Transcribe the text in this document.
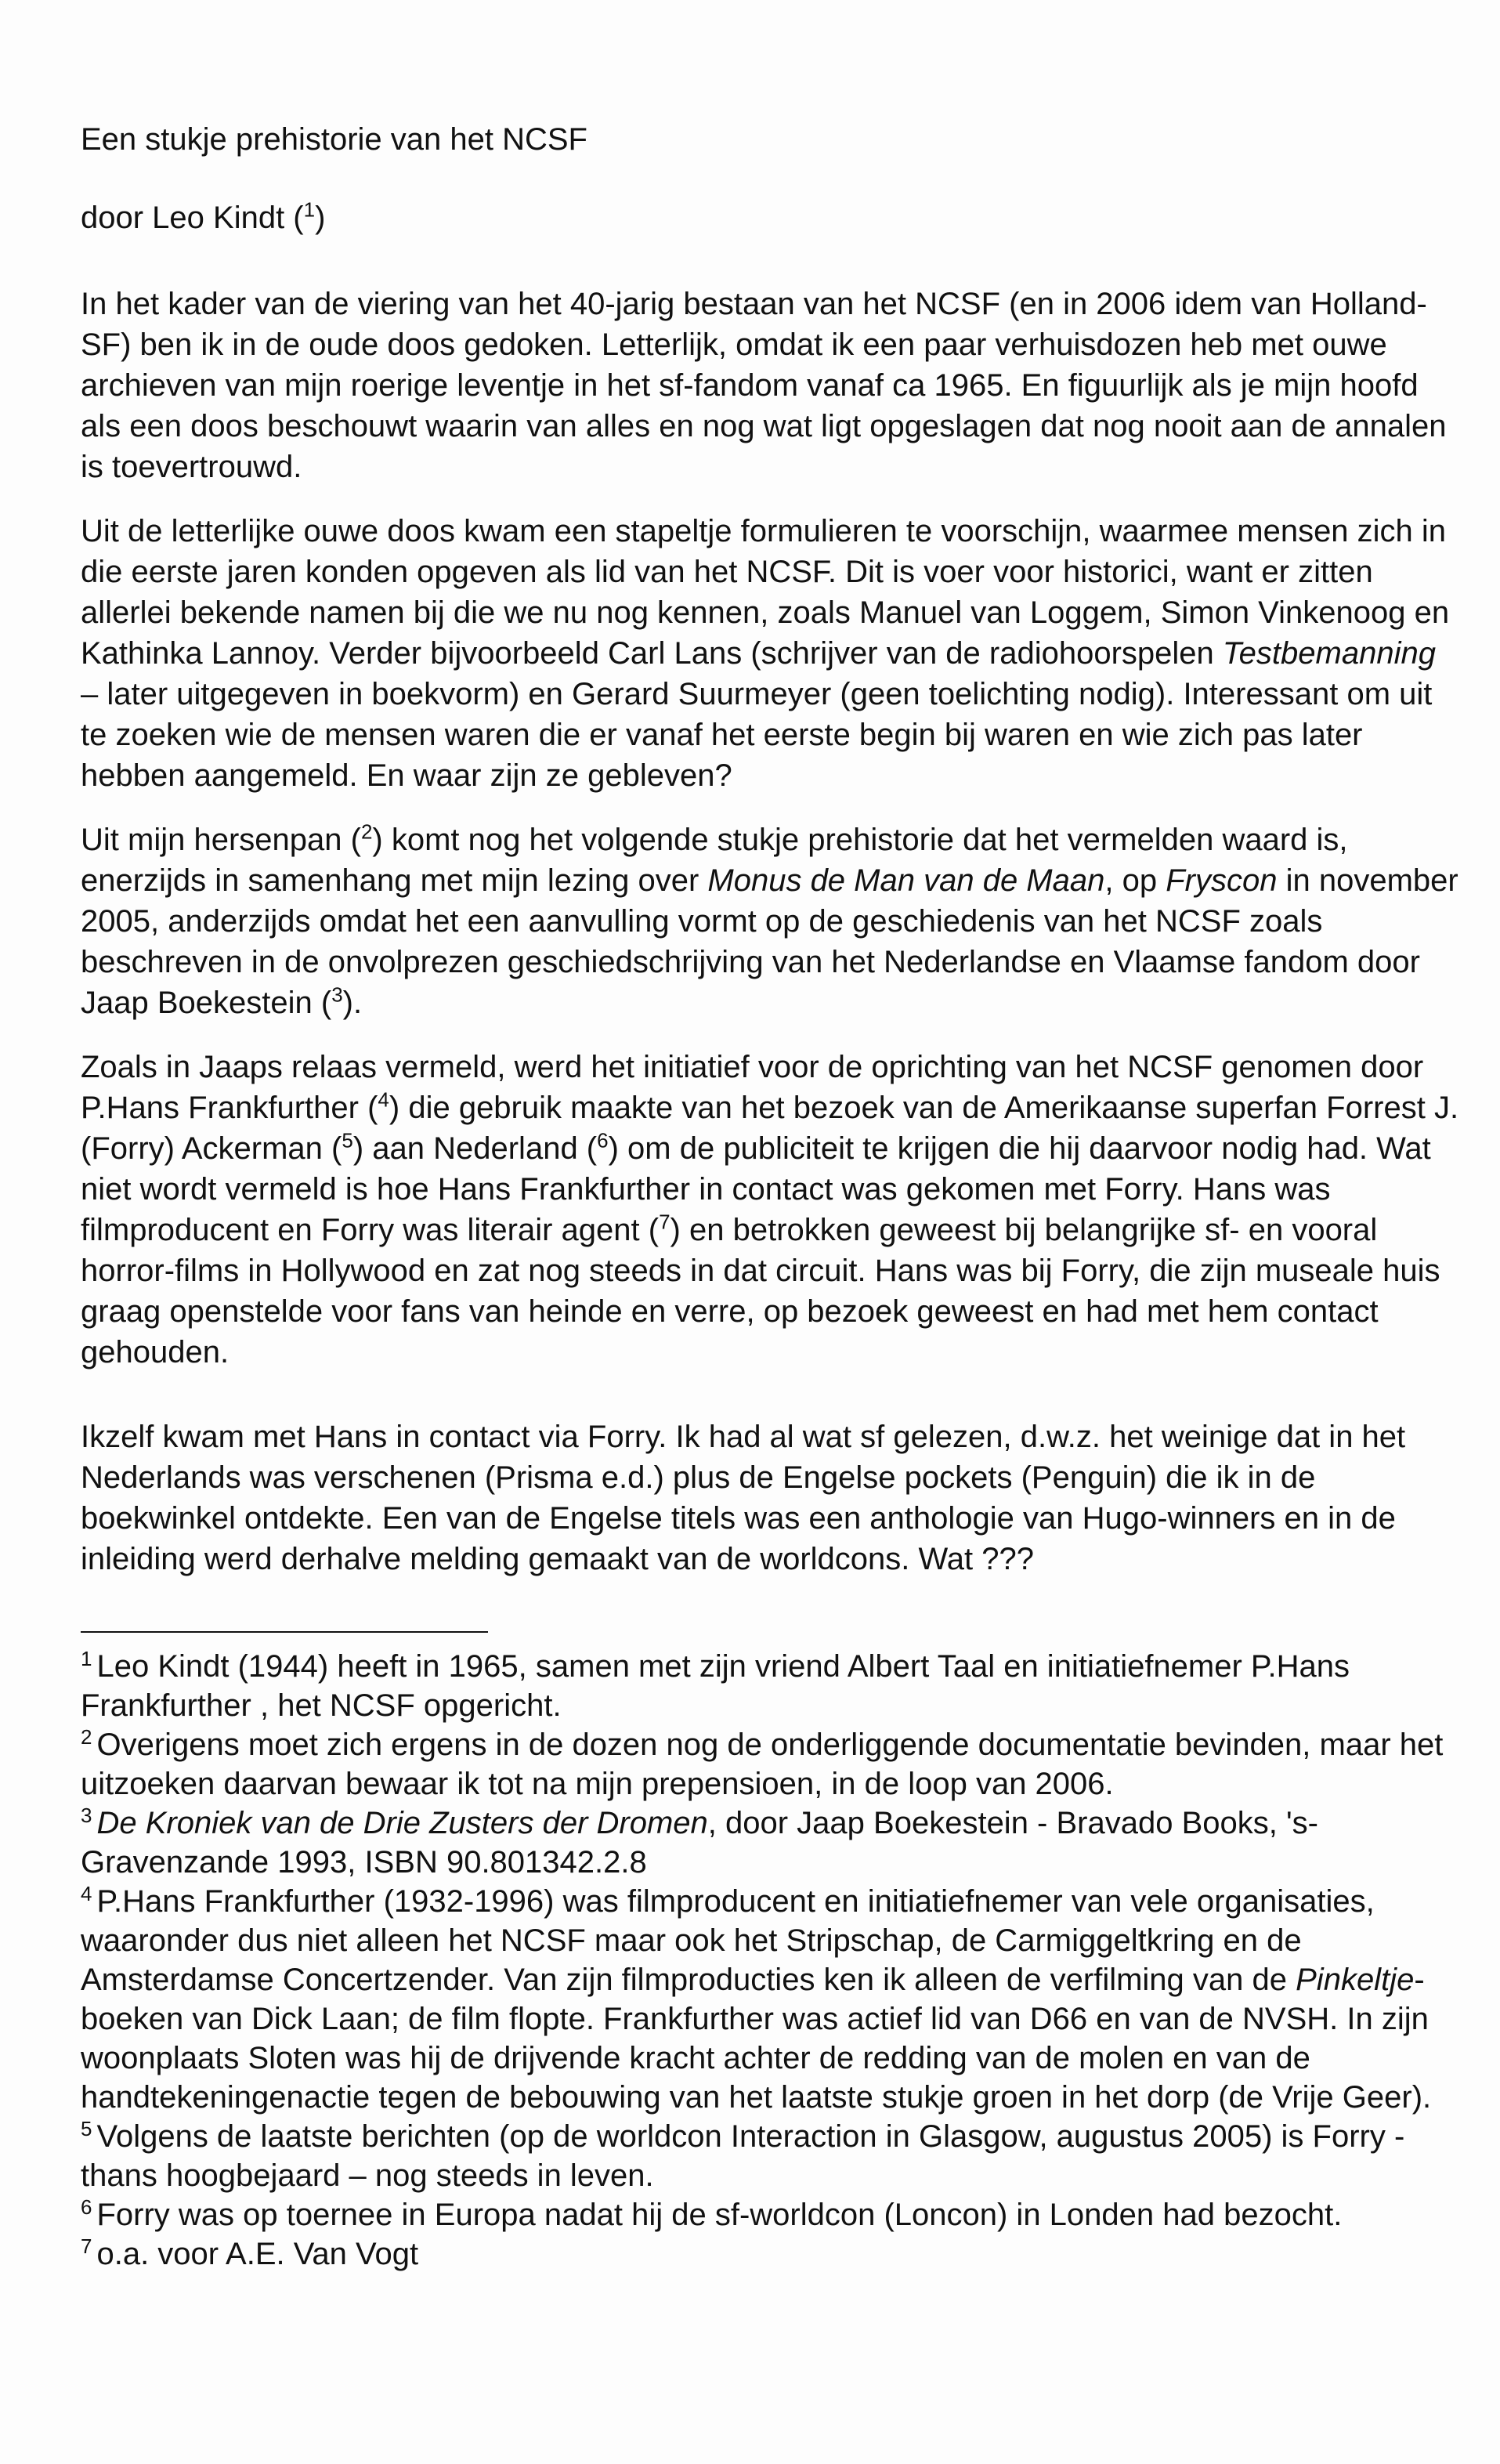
Een stukje prehistorie van het NCSF

door Leo Kindt ($^1$)

In het kader van de viering van het 40-jarig bestaan van het NCSF (en in 2006 idem van Holland-SF) ben ik in de oude doos gedoken. Letterlijk, omdat ik een paar verhuisdozen heb met ouwe archieven van mijn roerige leventje in het sf-fandom vanaf ca 1965. En figuurlijk als je mijn hoofd als een doos beschouwt waarin van alles en nog wat ligt opgeslagen dat nog nooit aan de annalen is toevertrouwd.

Uit de letterlijke ouwe doos kwam een stapeltje formulieren te voorschijn, waarmee mensen zich in die eerste jaren konden opgeven als lid van het NCSF. Dit is voer voor historici, want er zitten allerlei bekende namen bij die we nu nog kennen, zoals Manuel van Loggem, Simon Vinkenoog en Kathinka Lannoy. Verder bijvoorbeeld Carl Lans (schrijver van de radiohoorspelen Testbemanning – later uitgegeven in boekvorm) en Gerard Suurmeyer (geen toelichting nodig). Interessant om uit te zoeken wie de mensen waren die er vanaf het eerste begin bij waren en wie zich pas later hebben aangemeld. En waar zijn ze gebleven?

Uit mijn hersenpan ($^2$) komt nog het volgende stukje prehistorie dat het vermelden waard is, enerzijds in samenhang met mijn lezing over Monus de Man van de Maan, op Fryscon in november 2005, anderzijds omdat het een aanvulling vormt op de geschiedenis van het NCSF zoals beschreven in de onvolprezen geschiedschrijving van het Nederlandse en Vlaamse fandom door Jaap Boekestein ($^3$).

Zoals in Jaaps relaas vermeld, werd het initiatief voor de oprichting van het NCSF genomen door P.Hans Frankfurther ($^4$) die gebruik maakte van het bezoek van de Amerikaanse superfan Forrest J. (Forry) Ackerman ($^5$) aan Nederland ($^6$) om de publiciteit te krijgen die hij daarvoor nodig had. Wat niet wordt vermeld is hoe Hans Frankfurther in contact was gekomen met Forry. Hans was filmproducent en Forry was literair agent ($^7$) en betrokken geweest bij belangrijke sf- en vooral horror-films in Hollywood en zat nog steeds in dat circuit. Hans was bij Forry, die zijn museale huis graag openstelde voor fans van heinde en verre, op bezoek geweest en had met hem contact gehouden.

Ikzelf kwam met Hans in contact via Forry. Ik had al wat sf gelezen, d.w.z. het weinige dat in het Nederlands was verschenen (Prisma e.d.) plus de Engelse pockets (Penguin) die ik in de boekwinkel ontdekte. Een van de Engelse titels was een anthologie van Hugo-winners en in de inleiding werd derhalve melding gemaakt van de worldcons. Wat ???

$^1$ Leo Kindt (1944) heeft in 1965, samen met zijn vriend Albert Taal en initiatiefnemer P.Hans Frankfurther , het NCSF opgericht.

$^2$ Overigens moet zich ergens in de dozen nog de onderliggende documentatie bevinden, maar het uitzoeken daarvan bewaar ik tot na mijn prepensioen, in de loop van 2006.

$^3$ De Kroniek van de Drie Zusters der Dromen, door Jaap Boekestein - Bravado Books, 's-Gravenzande 1993, ISBN 90.801342.2.8

$^4$ P.Hans Frankfurther (1932-1996) was filmproducent en initiatiefnemer van vele organisaties, waaronder dus niet alleen het NCSF maar ook het Stripschap, de Carmiggeltkring en de Amsterdamse Concertzender. Van zijn filmproducties ken ik alleen de verfilming van de Pinkeltje-boeken van Dick Laan; de film flopte. Frankfurther was actief lid van D66 en van de NVSH. In zijn woonplaats Sloten was hij de drijvende kracht achter de redding van de molen en van de handtekeningenactie tegen de bebouwing van het laatste stukje groen in het dorp (de Vrije Geer).

$^5$ Volgens de laatste berichten (op de worldcon Interaction in Glasgow, augustus 2005) is Forry - thans hoogbejaard – nog steeds in leven.

$^6$ Forry was op toernee in Europa nadat hij de sf-worldcon (Loncon) in Londen had bezocht.

$^7$ o.a. voor A.E. Van Vogt
